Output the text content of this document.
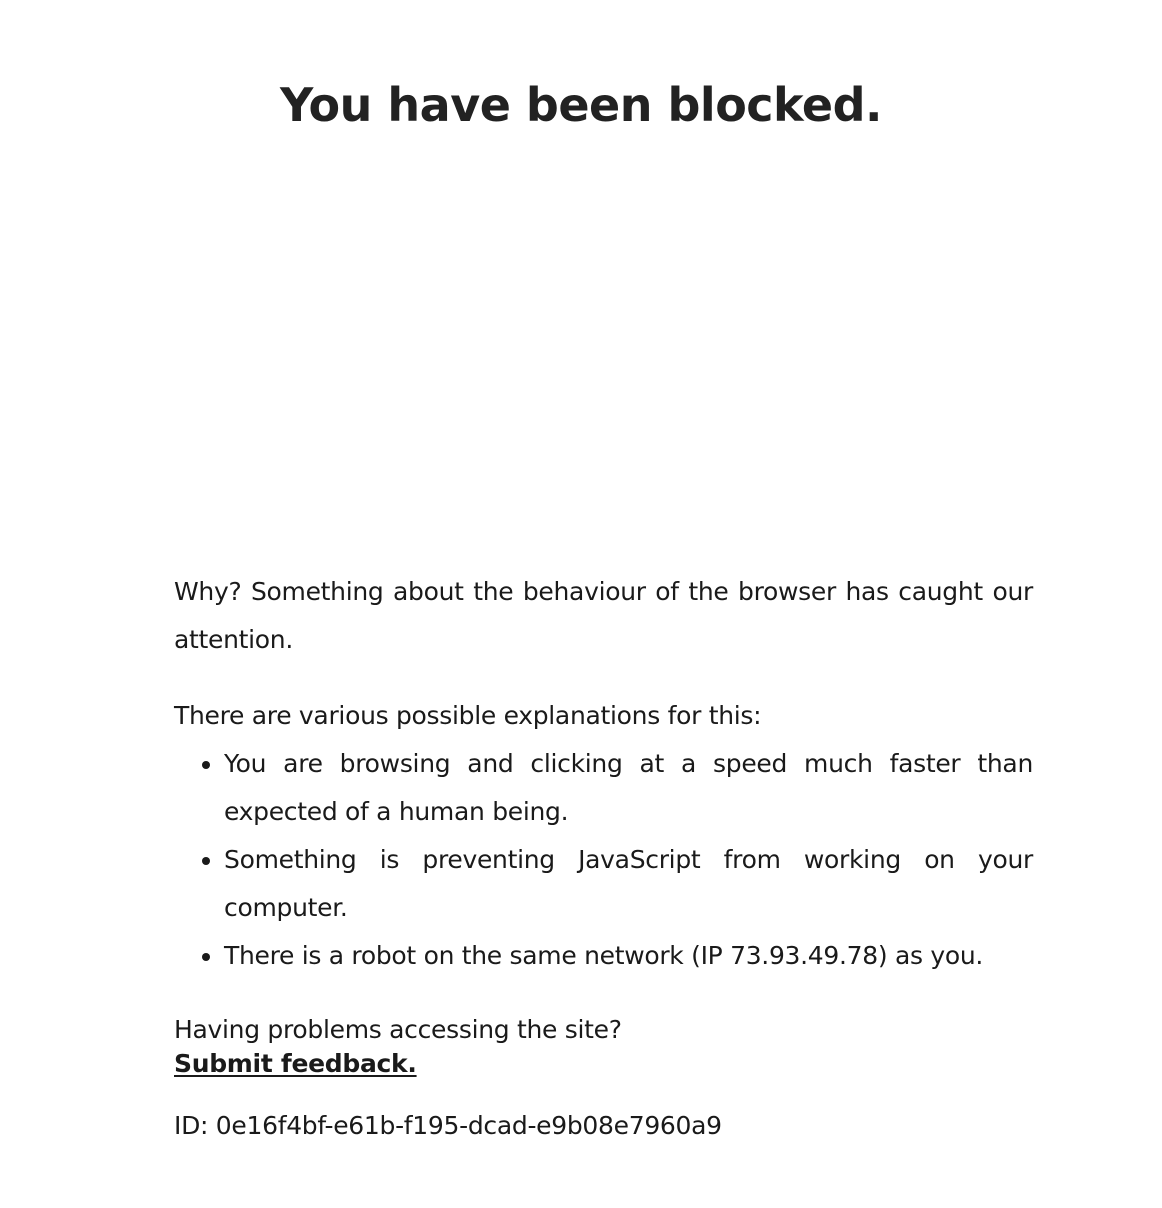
You have been blocked.

Why? Something about the behaviour of the browser has caught our attention.

There are various possible explanations for this:

• You are browsing and clicking at a speed much faster than expected of a human being.
• Something is preventing JavaScript from working on your computer.
• There is a robot on the same network (IP 73.93.49.78) as you.
Having problems accessing the site?
Submit feedback.

ID: 0e16f4bf-e61b-f195-dcad-e9b08e7960a9
